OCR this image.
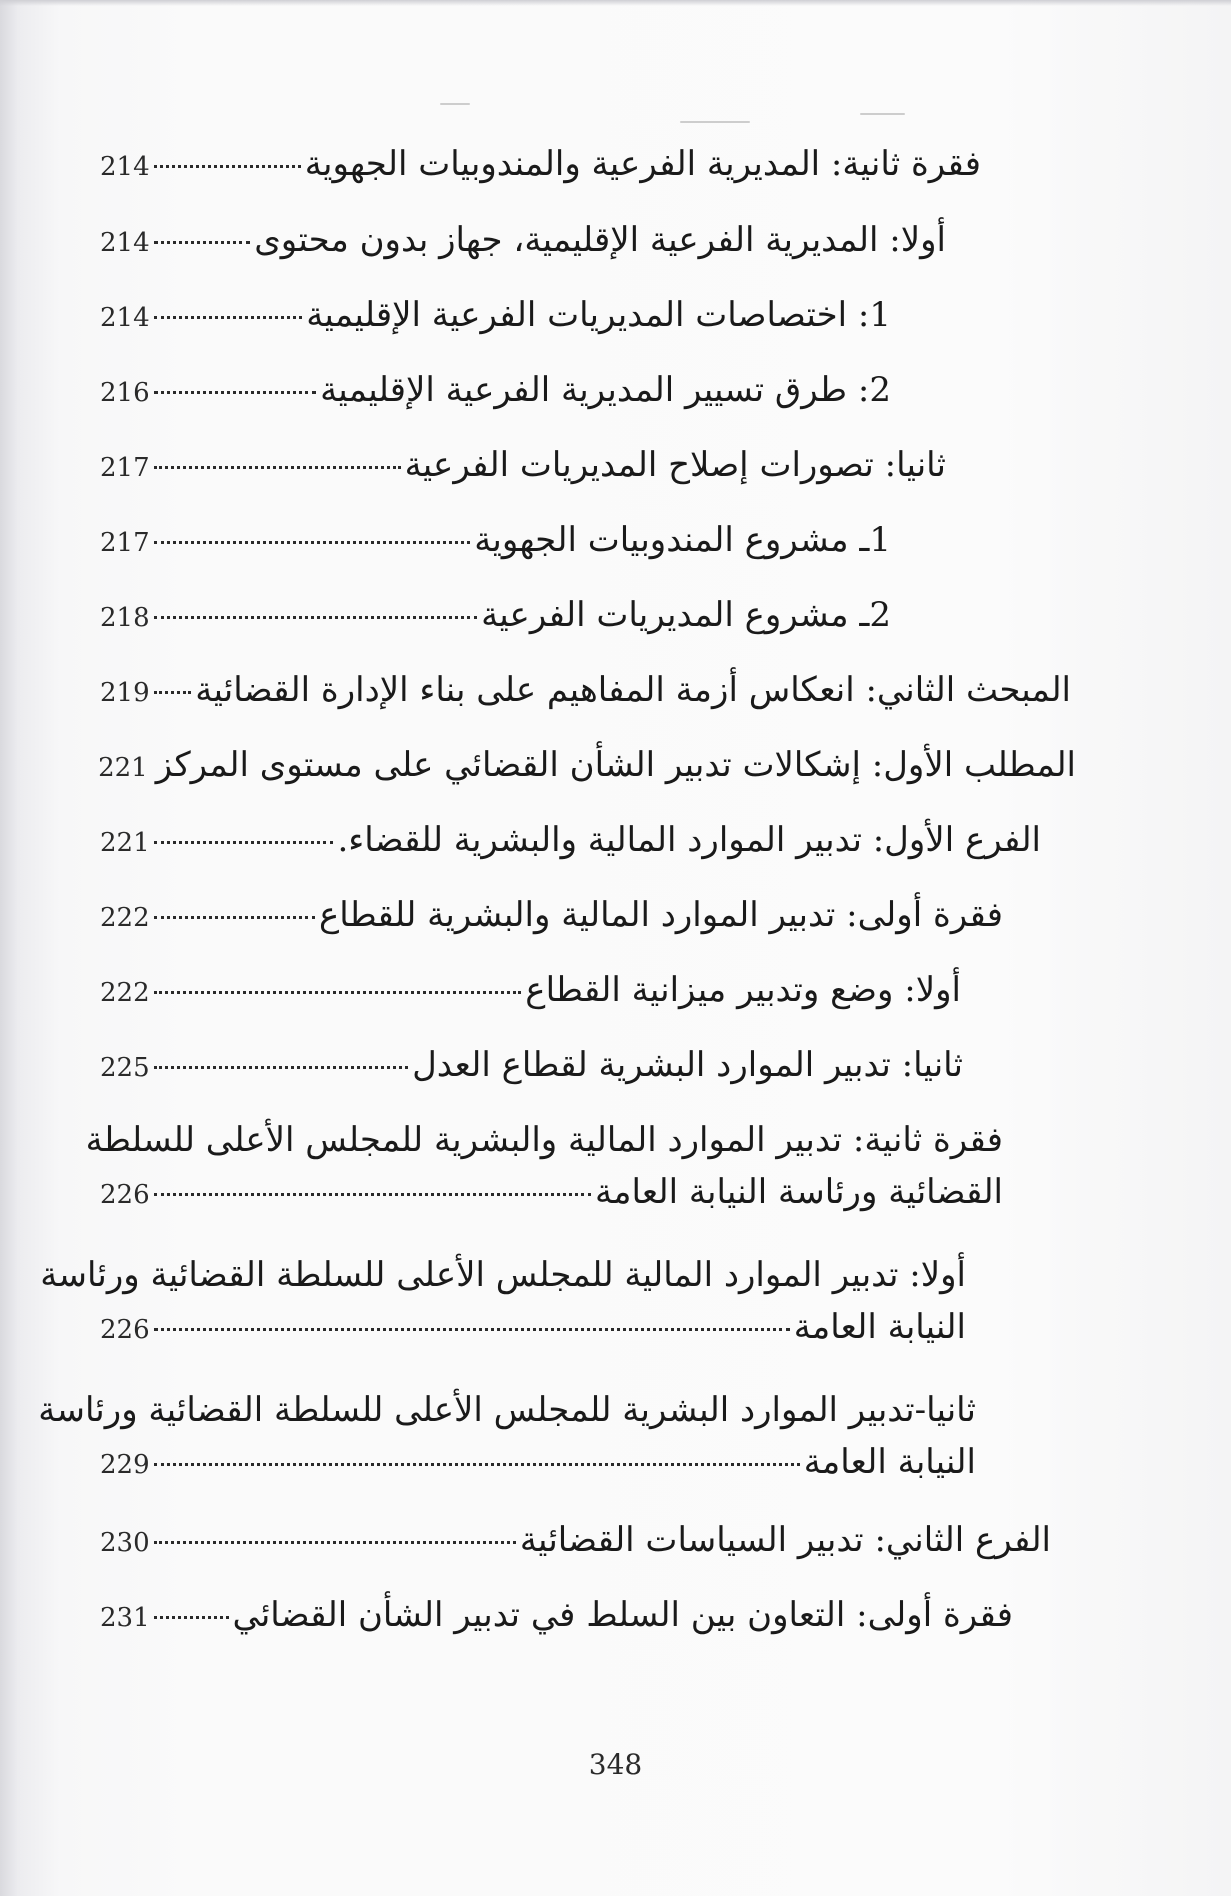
فقرة ثانية: المديرية الفرعية والمندوبيات الجهوية
214
أولا: المديرية الفرعية الإقليمية، جهاز بدون محتوى
214
1: اختصاصات المديريات الفرعية الإقليمية
214
2: طرق تسيير المديرية الفرعية الإقليمية
216
ثانيا: تصورات إصلاح المديريات الفرعية
217
1ـ مشروع المندوبيات الجهوية
217
2ـ مشروع المديريات الفرعية
218
المبحث الثاني: انعكاس أزمة المفاهيم على بناء الإدارة القضائية
219
المطلب الأول: إشكالات تدبير الشأن القضائي على مستوى المركز
221
الفرع الأول: تدبير الموارد المالية والبشرية للقضاء.
221
فقرة أولى: تدبير الموارد المالية والبشرية للقطاع
222
أولا: وضع وتدبير ميزانية القطاع
222
ثانيا: تدبير الموارد البشرية لقطاع العدل
225
فقرة ثانية: تدبير الموارد المالية والبشرية للمجلس الأعلى للسلطة
القضائية ورئاسة النيابة العامة
226
أولا: تدبير الموارد المالية للمجلس الأعلى للسلطة القضائية ورئاسة
النيابة العامة
226
ثانيا-تدبير الموارد البشرية للمجلس الأعلى للسلطة القضائية ورئاسة
النيابة العامة
229
الفرع الثاني: تدبير السياسات القضائية
230
فقرة أولى: التعاون بين السلط في تدبير الشأن القضائي
231
348
